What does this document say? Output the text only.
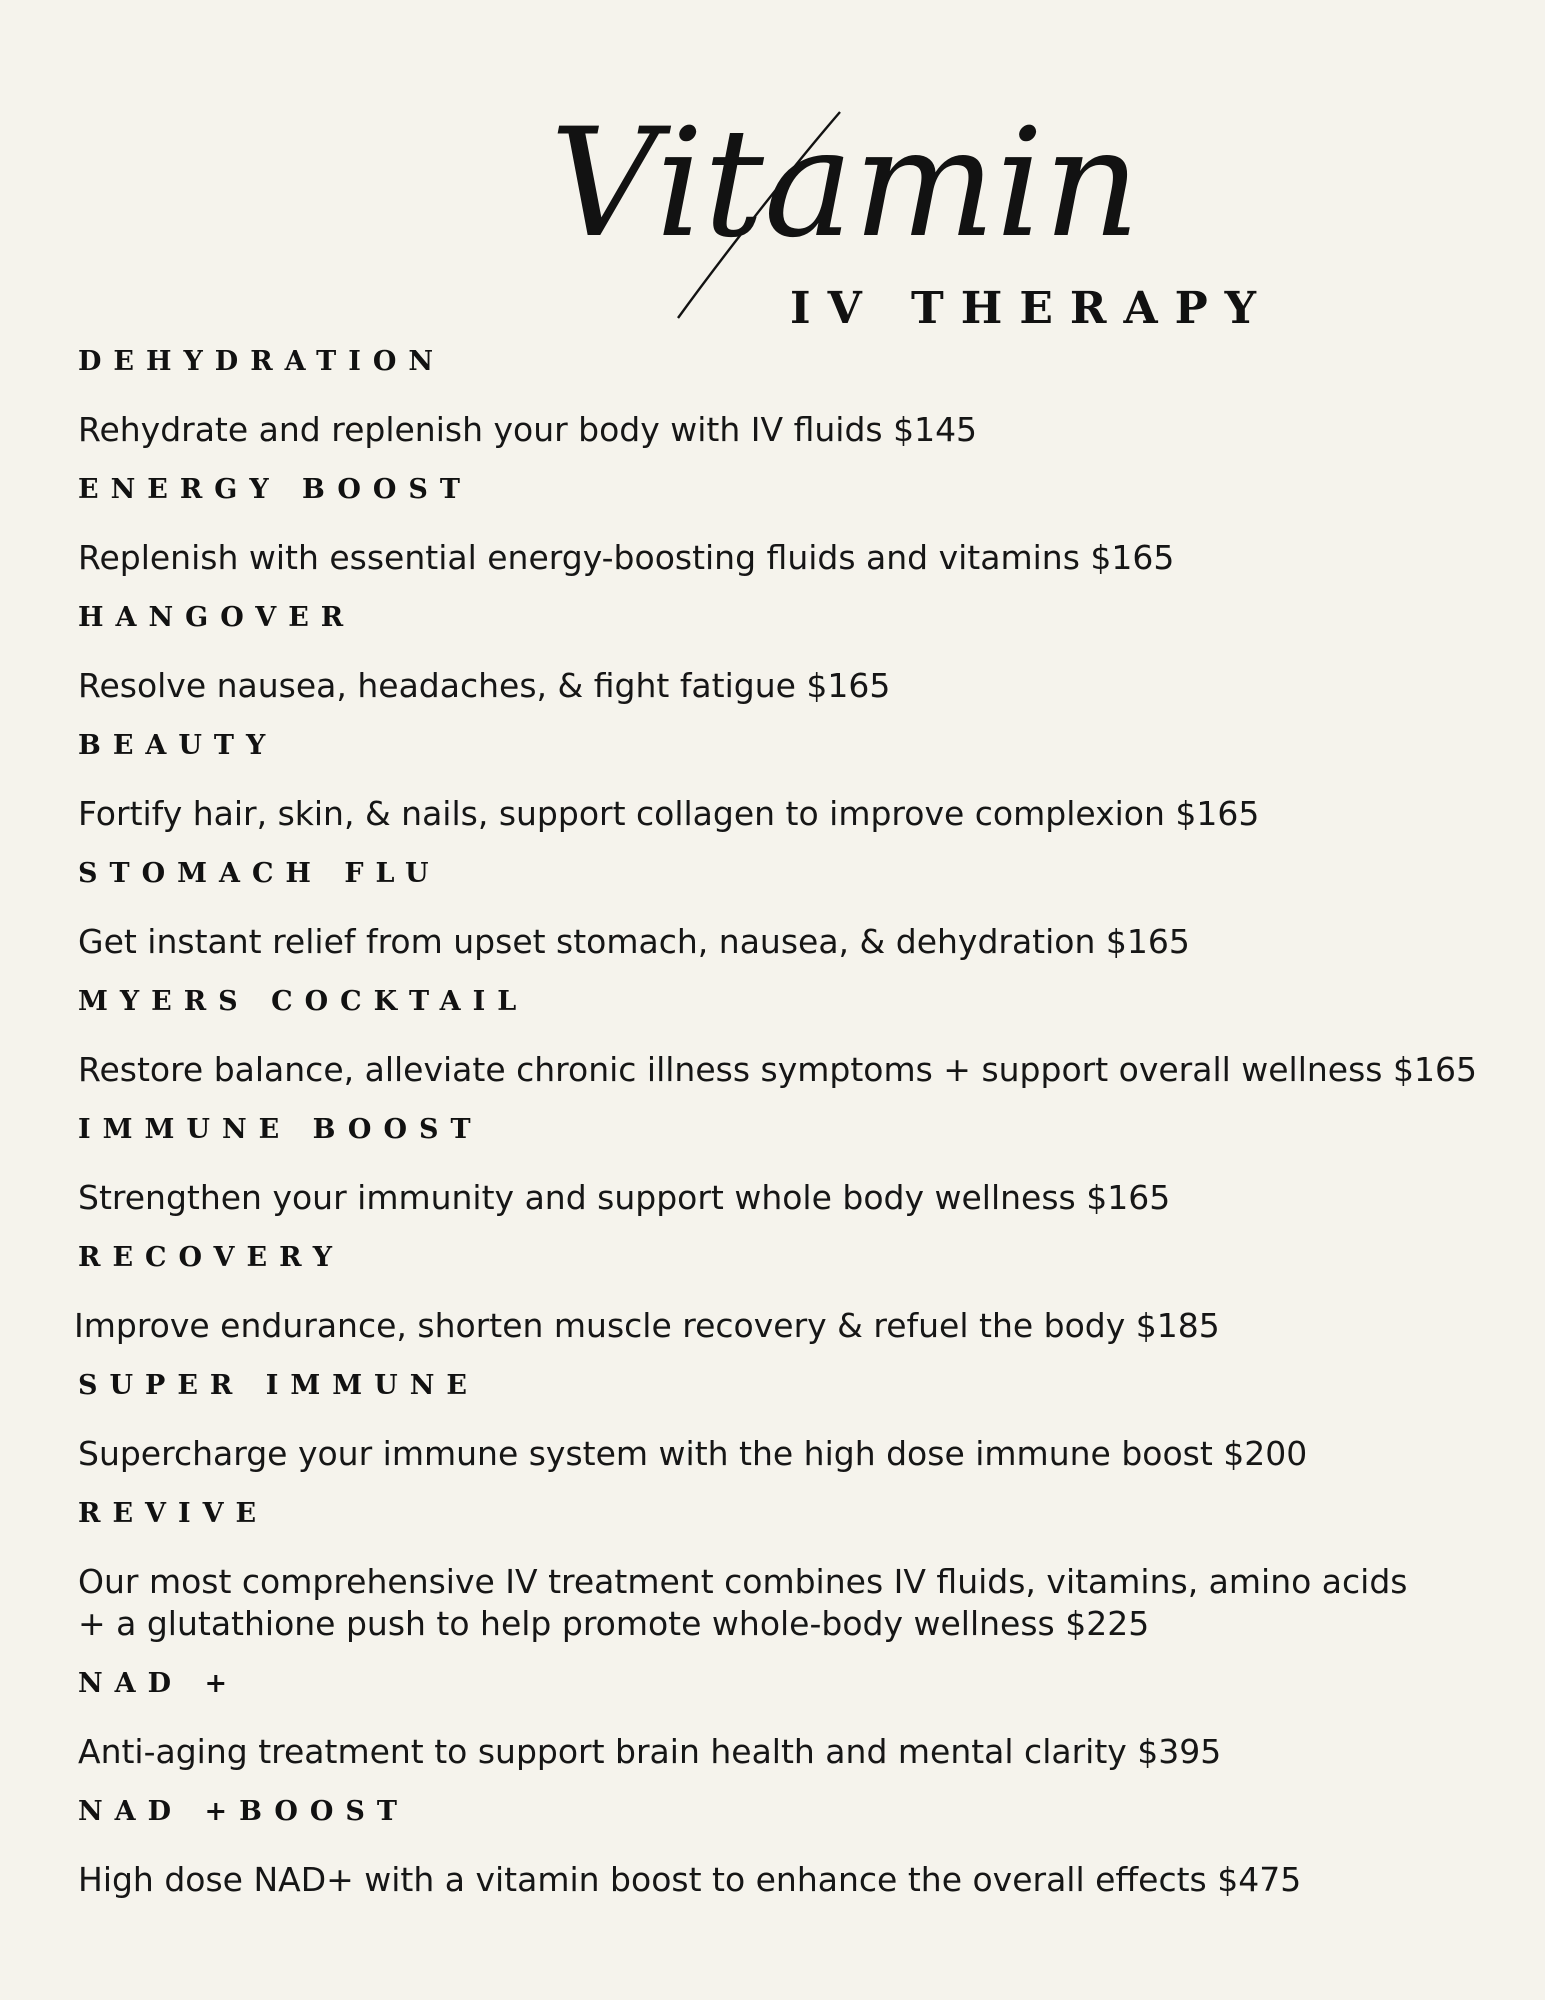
Vitamin
IV THERAPY
DEHYDRATION
Rehydrate and replenish your body with IV fluids $145
ENERGY BOOST
Replenish with essential energy-boosting fluids and vitamins $165
HANGOVER
Resolve nausea, headaches, & fight fatigue $165
BEAUTY
Fortify hair, skin, & nails, support collagen to improve complexion $165
STOMACH FLU
Get instant relief from upset stomach, nausea, & dehydration $165
MYERS COCKTAIL
Restore balance, alleviate chronic illness symptoms + support overall wellness $165
IMMUNE BOOST
Strengthen your immunity and support whole body wellness $165
RECOVERY
Improve endurance, shorten muscle recovery & refuel the body $185
SUPER IMMUNE
Supercharge your immune system with the high dose immune boost $200
REVIVE
Our most comprehensive IV treatment combines IV fluids, vitamins, amino acids + a glutathione push to help promote whole-body wellness $225
NAD +
Anti-aging treatment to support brain health and mental clarity $395
NAD +BOOST
High dose NAD+ with a vitamin boost to enhance the overall effects $475
